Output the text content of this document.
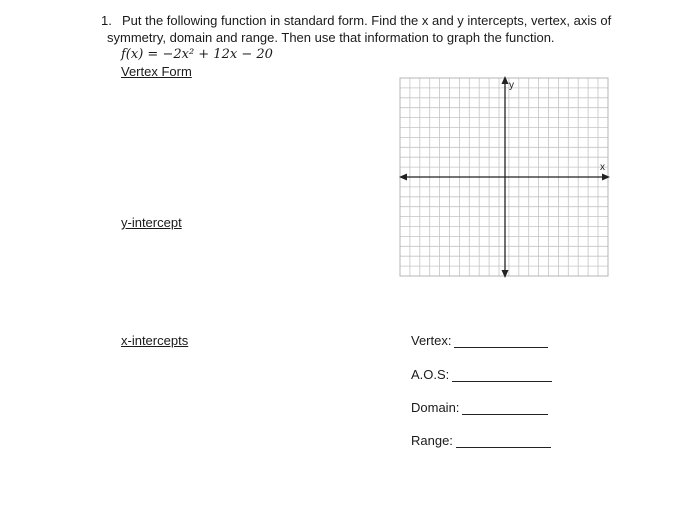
1. Put the following function in standard form. Find the x and y intercepts, vertex, axis of
symmetry, domain and range. Then use that information to graph the function.
f(x) = −2x² + 12x − 20
Vertex Form
y-intercept
x-intercepts	Vertex:
A.O.S:
Domain:
Range:
y
x
